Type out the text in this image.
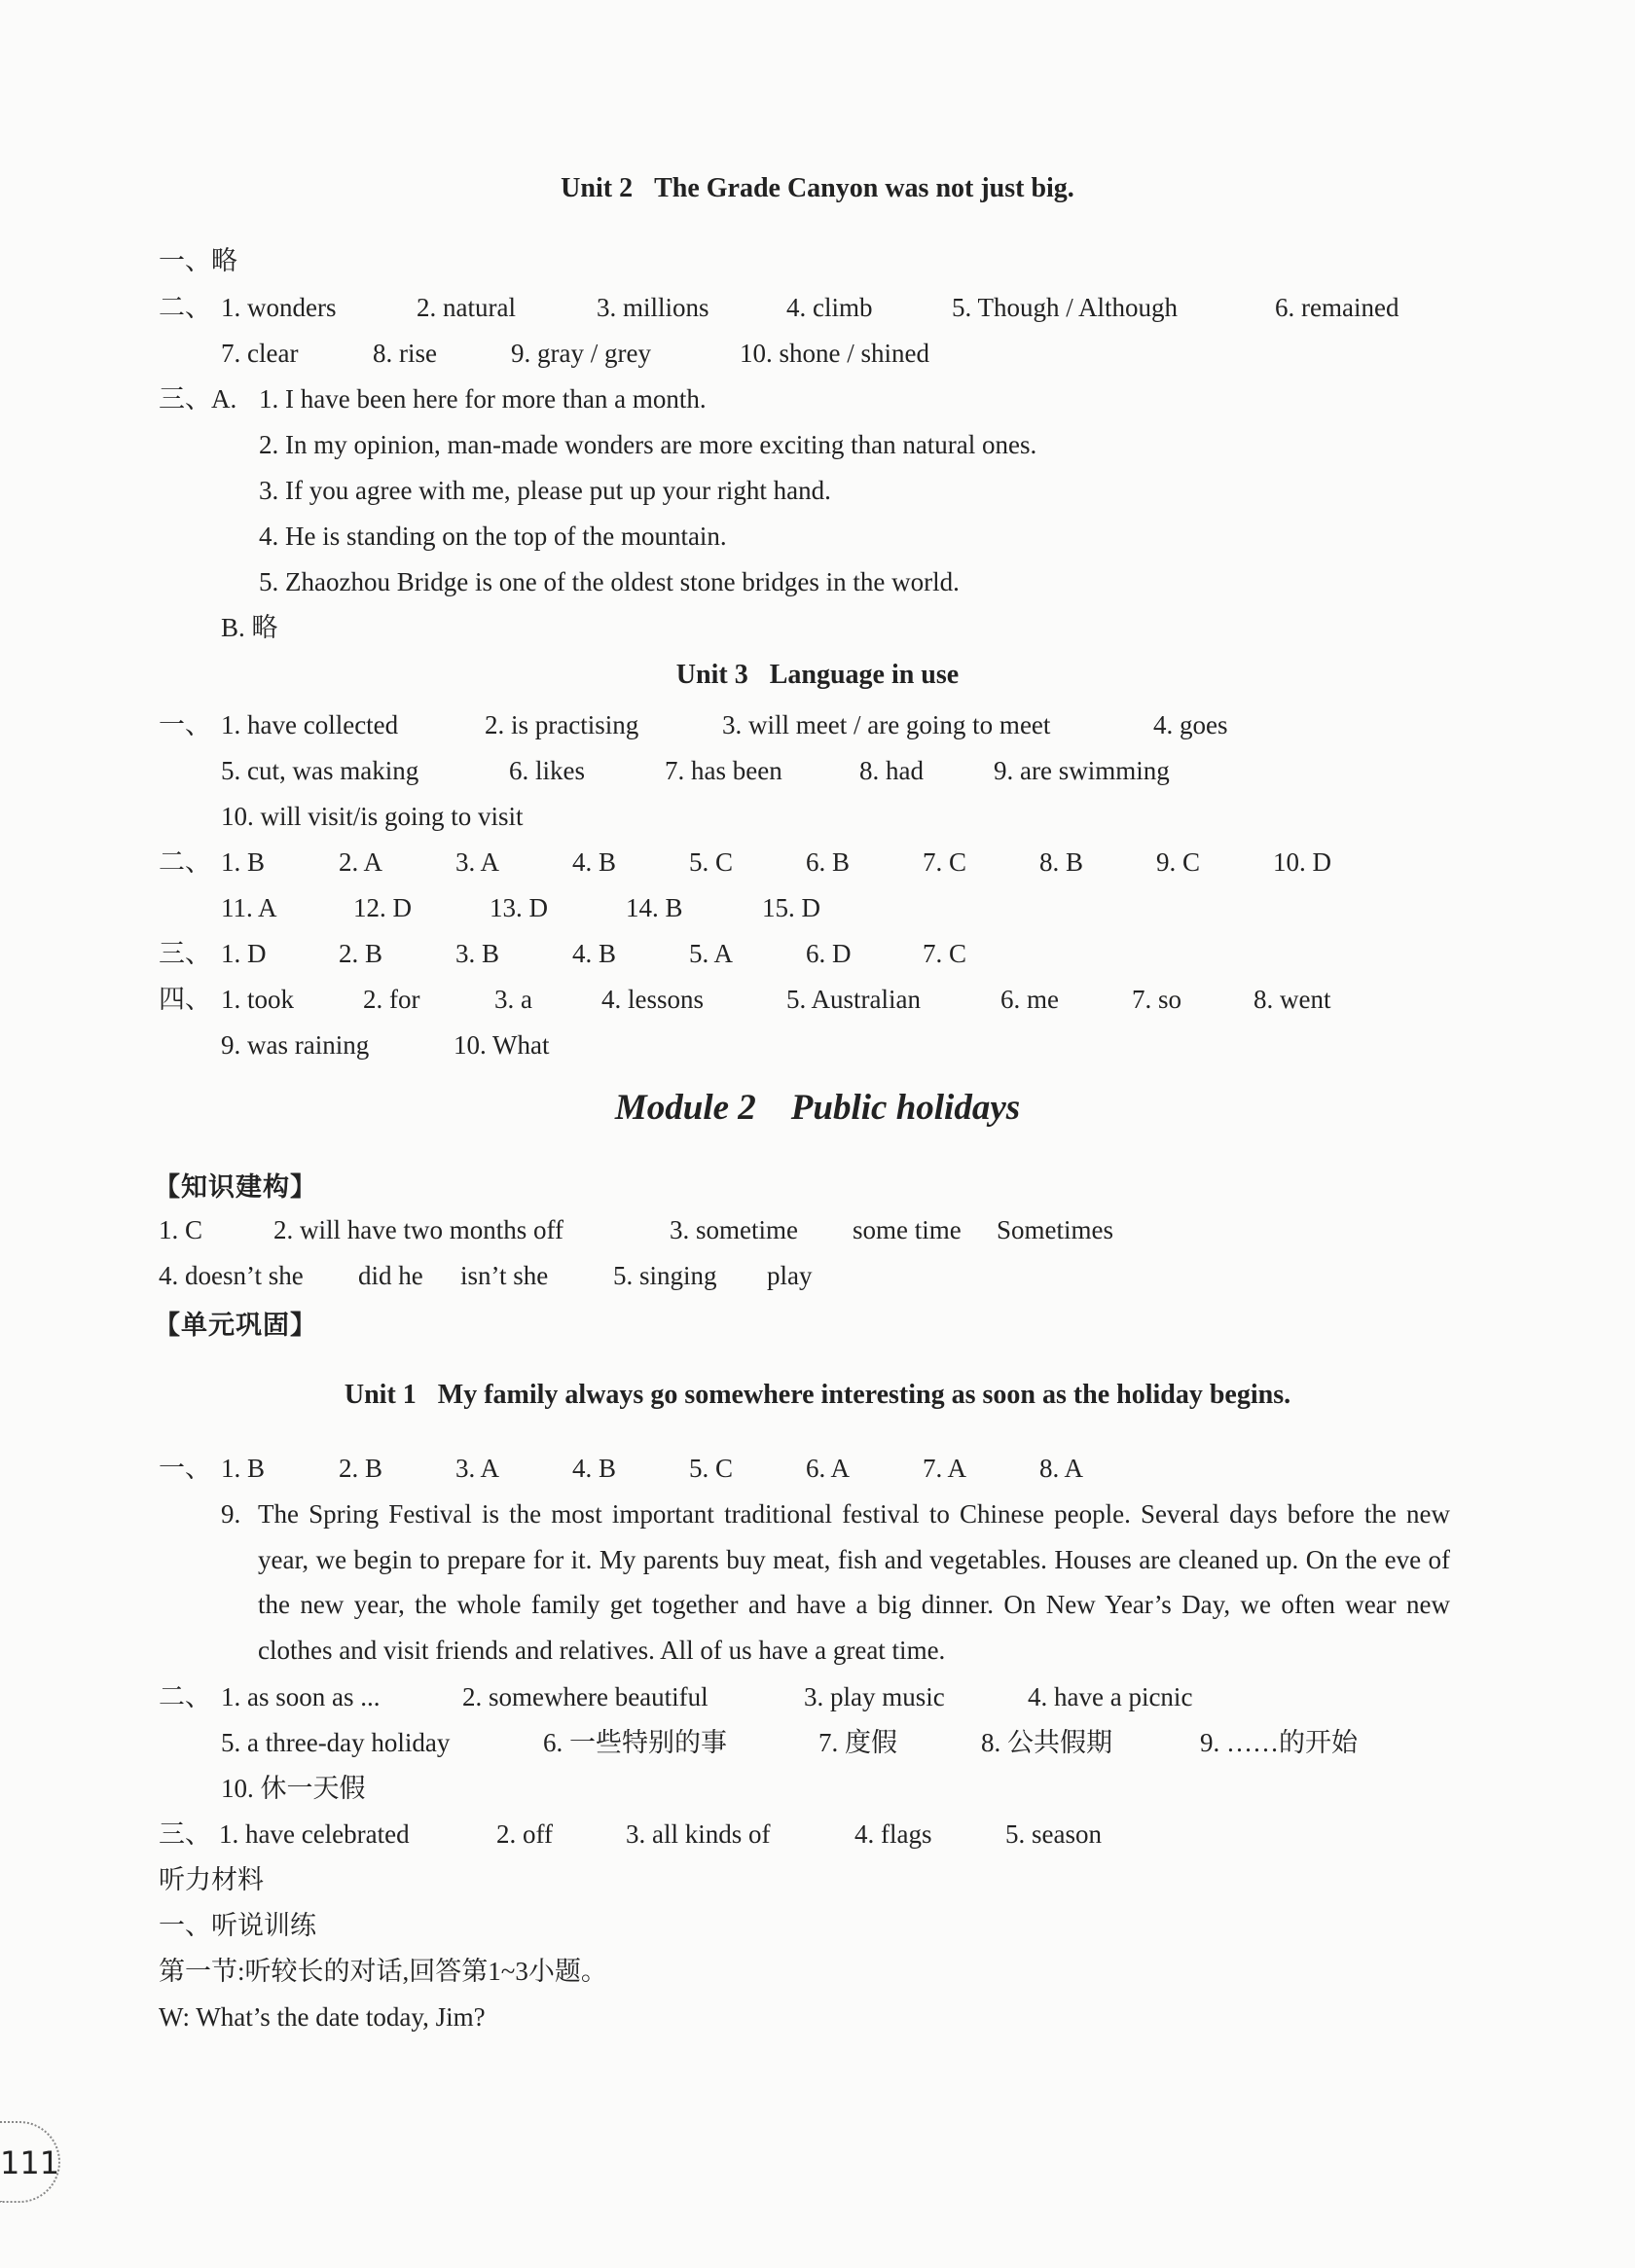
Unit 2 The Grade Canyon was not just big.
一、略
二、 1. wonders	2. natural	3. millions	4. climb	5. Though / Although	6. remained
7. clear	8. rise	9. gray / grey	10. shone / shined
三、A. 1. I have been here for more than a month.
2. In my opinion, man-made wonders are more exciting than natural ones.
3. If you agree with me, please put up your right hand.
4. He is standing on the top of the mountain.
5. Zhaozhou Bridge is one of the oldest stone bridges in the world.
B. 略
Unit 3 Language in use
一、 1. have collected	2. is practising	3. will meet / are going to meet	4. goes
5. cut, was making	6. likes	7. has been	8. had	9. are swimming
10. will visit/is going to visit
二、 1. B	2. A	3. A	4. B	5. C	6. B	7. C	8. B	9. C	10. D
11. A	12. D	13. D	14. B	15. D
三、 1. D	2. B	3. B	4. B	5. A	6. D	7. C
四、 1. took	2. for	3. a	4. lessons	5. Australian	6. me	7. so	8. went
9. was raining	10. What
Module 2 Public holidays
【知识建构】
1. C	2. will have two months off	3. sometime some time Sometimes
4. doesn’t she did he isn’t she 5. singing play
【单元巩固】
Unit 1 My family always go somewhere interesting as soon as the holiday begins.
一、 1. B	2. B	3. A	4. B	5. C	6. A	7. A	8. A
9. The Spring Festival is the most important traditional festival to Chinese people. Several days before the new year, we begin to prepare for it. My parents buy meat, fish and vegetables. Houses are cleaned up. On the eve of the new year, the whole family get together and have a big dinner. On New Year’s Day, we often wear new clothes and visit friends and relatives. All of us have a great time.
二、 1. as soon as ...	2. somewhere beautiful	3. play music	4. have a picnic
5. a three-day holiday	6. 一些特别的事	7. 度假	8. 公共假期	9. ……的开始
10. 休一天假
三、 1. have celebrated	2. off	3. all kinds of	4. flags	5. season
听力材料
一、听说训练
第一节:听较长的对话,回答第1~3小题。
W: What’s the date today, Jim?
111
